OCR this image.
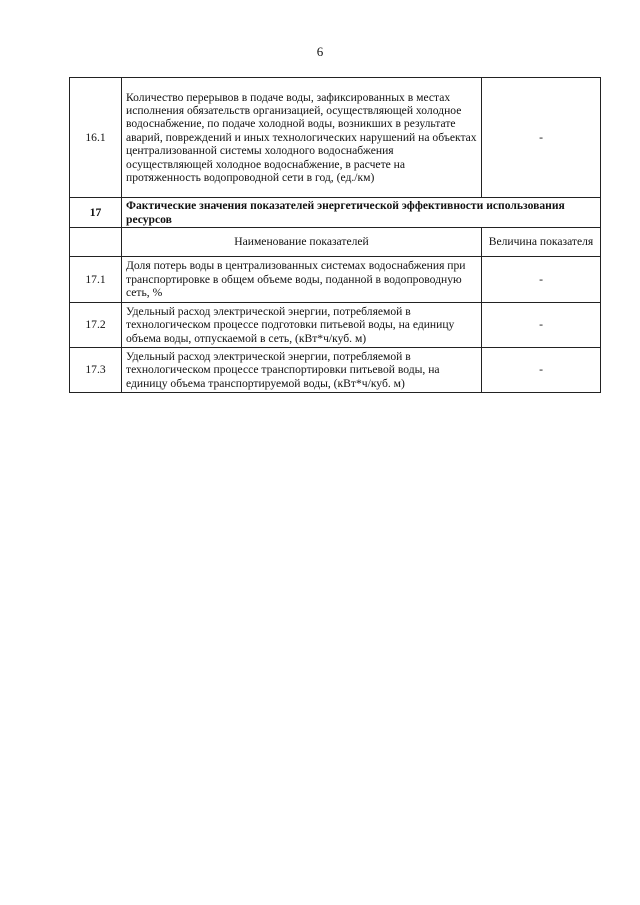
6
16.1	Количество перерывов в подаче воды, зафиксированных в местах исполнения обязательств организацией, осуществляющей холодное водоснабжение, по подаче холодной воды, возникших в результате аварий, повреждений и иных технологических нарушений на объектах централизованной системы холодного водоснабжения осуществляющей холодное водоснабжение, в расчете на протяженность водопроводной сети в год, (ед./км)	-
17	Фактические значения показателей энергетической эффективности использования ресурсов	
	Наименование показателей	Величина показателя
17.1	Доля потерь воды в централизованных системах водоснабжения при транспортировке в общем объеме воды, поданной в водопроводную сеть, %	-
17.2	Удельный расход электрической энергии, потребляемой в технологическом процессе подготовки питьевой воды, на единицу объема воды, отпускаемой в сеть, (кВт*ч/куб. м)	-
17.3	Удельный расход электрической энергии, потребляемой в технологическом процессе транспортировки питьевой воды, на единицу объема транспортируемой воды, (кВт*ч/куб. м)	-
